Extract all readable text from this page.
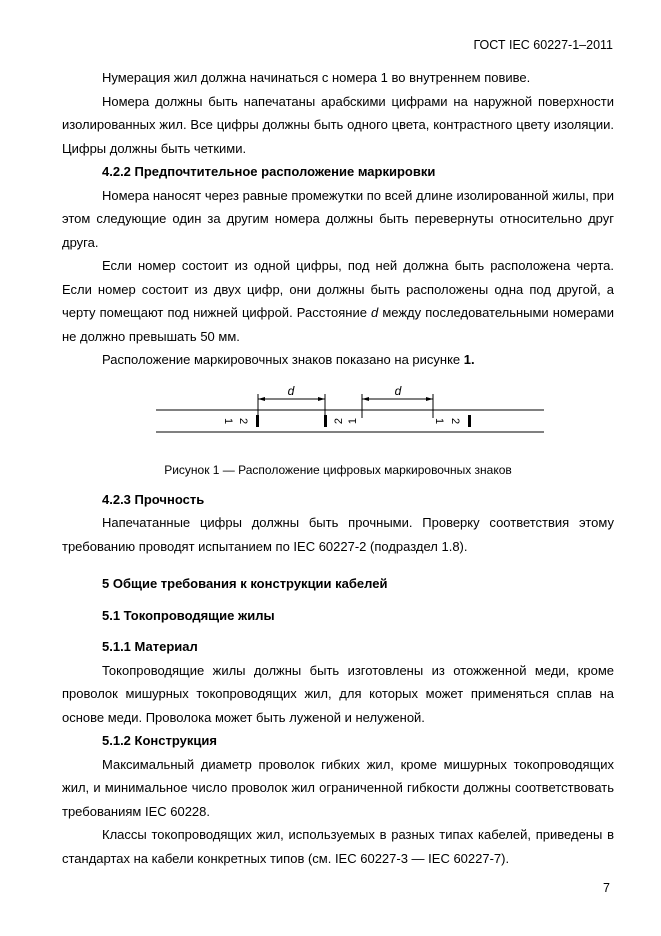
ГОСТ IEC 60227-1–2011

Нумерация жил должна начинаться с номера 1 во внутреннем повиве.

Номера должны быть напечатаны арабскими цифрами на наружной поверхности изолированных жил. Все цифры должны быть одного цвета, контрастного цвету изоляции. Цифры должны быть четкими.

4.2.2 Предпочтительное расположение маркировки

Номера наносят через равные промежутки по всей длине изолированной жилы, при этом следующие один за другим номера должны быть перевернуты относительно друг друга.

Если номер состоит из одной цифры, под ней должна быть расположена черта. Если номер состоит из двух цифр, они должны быть расположены одна под другой, а черту помещают под нижней цифрой. Расстояние d между последовательными номерами не должно превышать 50 мм.

Расположение маркировочных знаков показано на рисунке 1.

d	d
1 2	2 1	1 2
Рисунок 1 — Расположение цифровых маркировочных знаков

4.2.3 Прочность

Напечатанные цифры должны быть прочными. Проверку соответствия этому требованию проводят испытанием по IEC 60227-2 (подраздел 1.8).

5 Общие требования к конструкции кабелей

5.1 Токопроводящие жилы

5.1.1 Материал

Токопроводящие жилы должны быть изготовлены из отожженной меди, кроме проволок мишурных токопроводящих жил, для которых может применяться сплав на основе меди. Проволока может быть луженой и нелуженой.

5.1.2 Конструкция

Максимальный диаметр проволок гибких жил, кроме мишурных токопроводящих жил, и минимальное число проволок жил ограниченной гибкости должны соответствовать требованиям IEC 60228.

Классы токопроводящих жил, используемых в разных типах кабелей, приведены в стандартах на кабели конкретных типов (см. IEC 60227-3 — IEC 60227-7).

7
